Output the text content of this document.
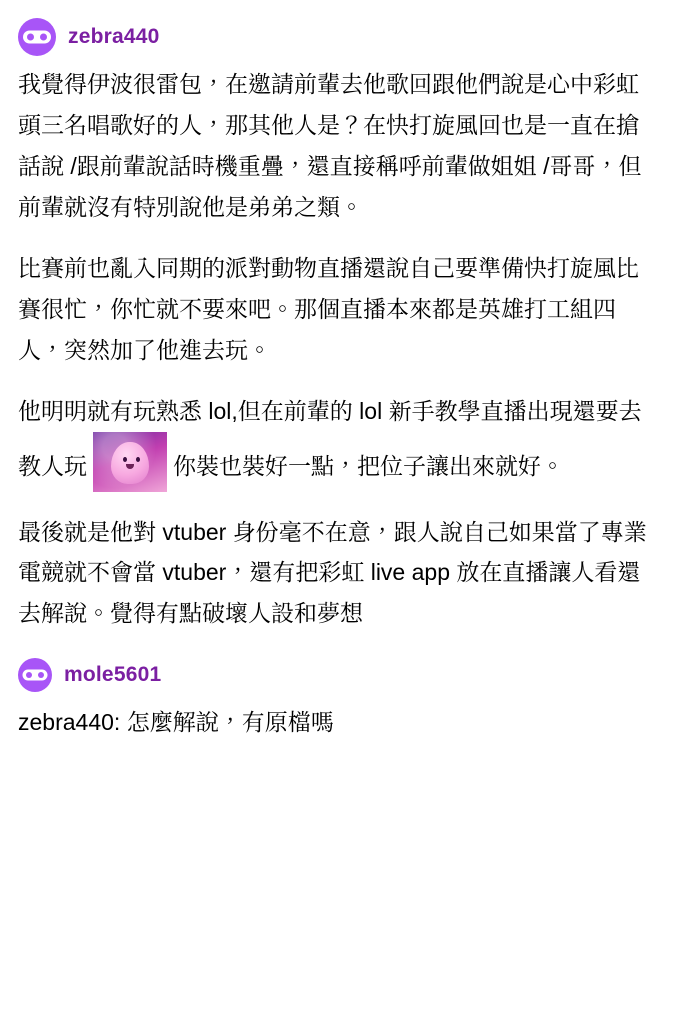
zebra440

我覺得伊波很雷包，在邀請前輩去他歌回跟他們說是心中彩虹頭三名唱歌好的人，那其他人是？在快打旋風回也是一直在搶話說 /跟前輩說話時機重疊，還直接稱呼前輩做姐姐 /哥哥，但前輩就沒有特別說他是弟弟之類。

比賽前也亂入同期的派對動物直播還說自己要準備快打旋風比賽很忙，你忙就不要來吧。那個直播本來都是英雄打工組四人，突然加了他進去玩。

他明明就有玩熟悉 lol,但在前輩的 lol 新手教學直播出現還要去教人玩	你裝也裝好一點，把位子讓出來就好。

最後就是他對 vtuber 身份毫不在意，跟人說自己如果當了專業電競就不會當 vtuber，還有把彩虹 live app 放在直播讓人看還去解說。覺得有點破壞人設和夢想

mole5601
zebra440: 怎麼解說，有原檔嗎
